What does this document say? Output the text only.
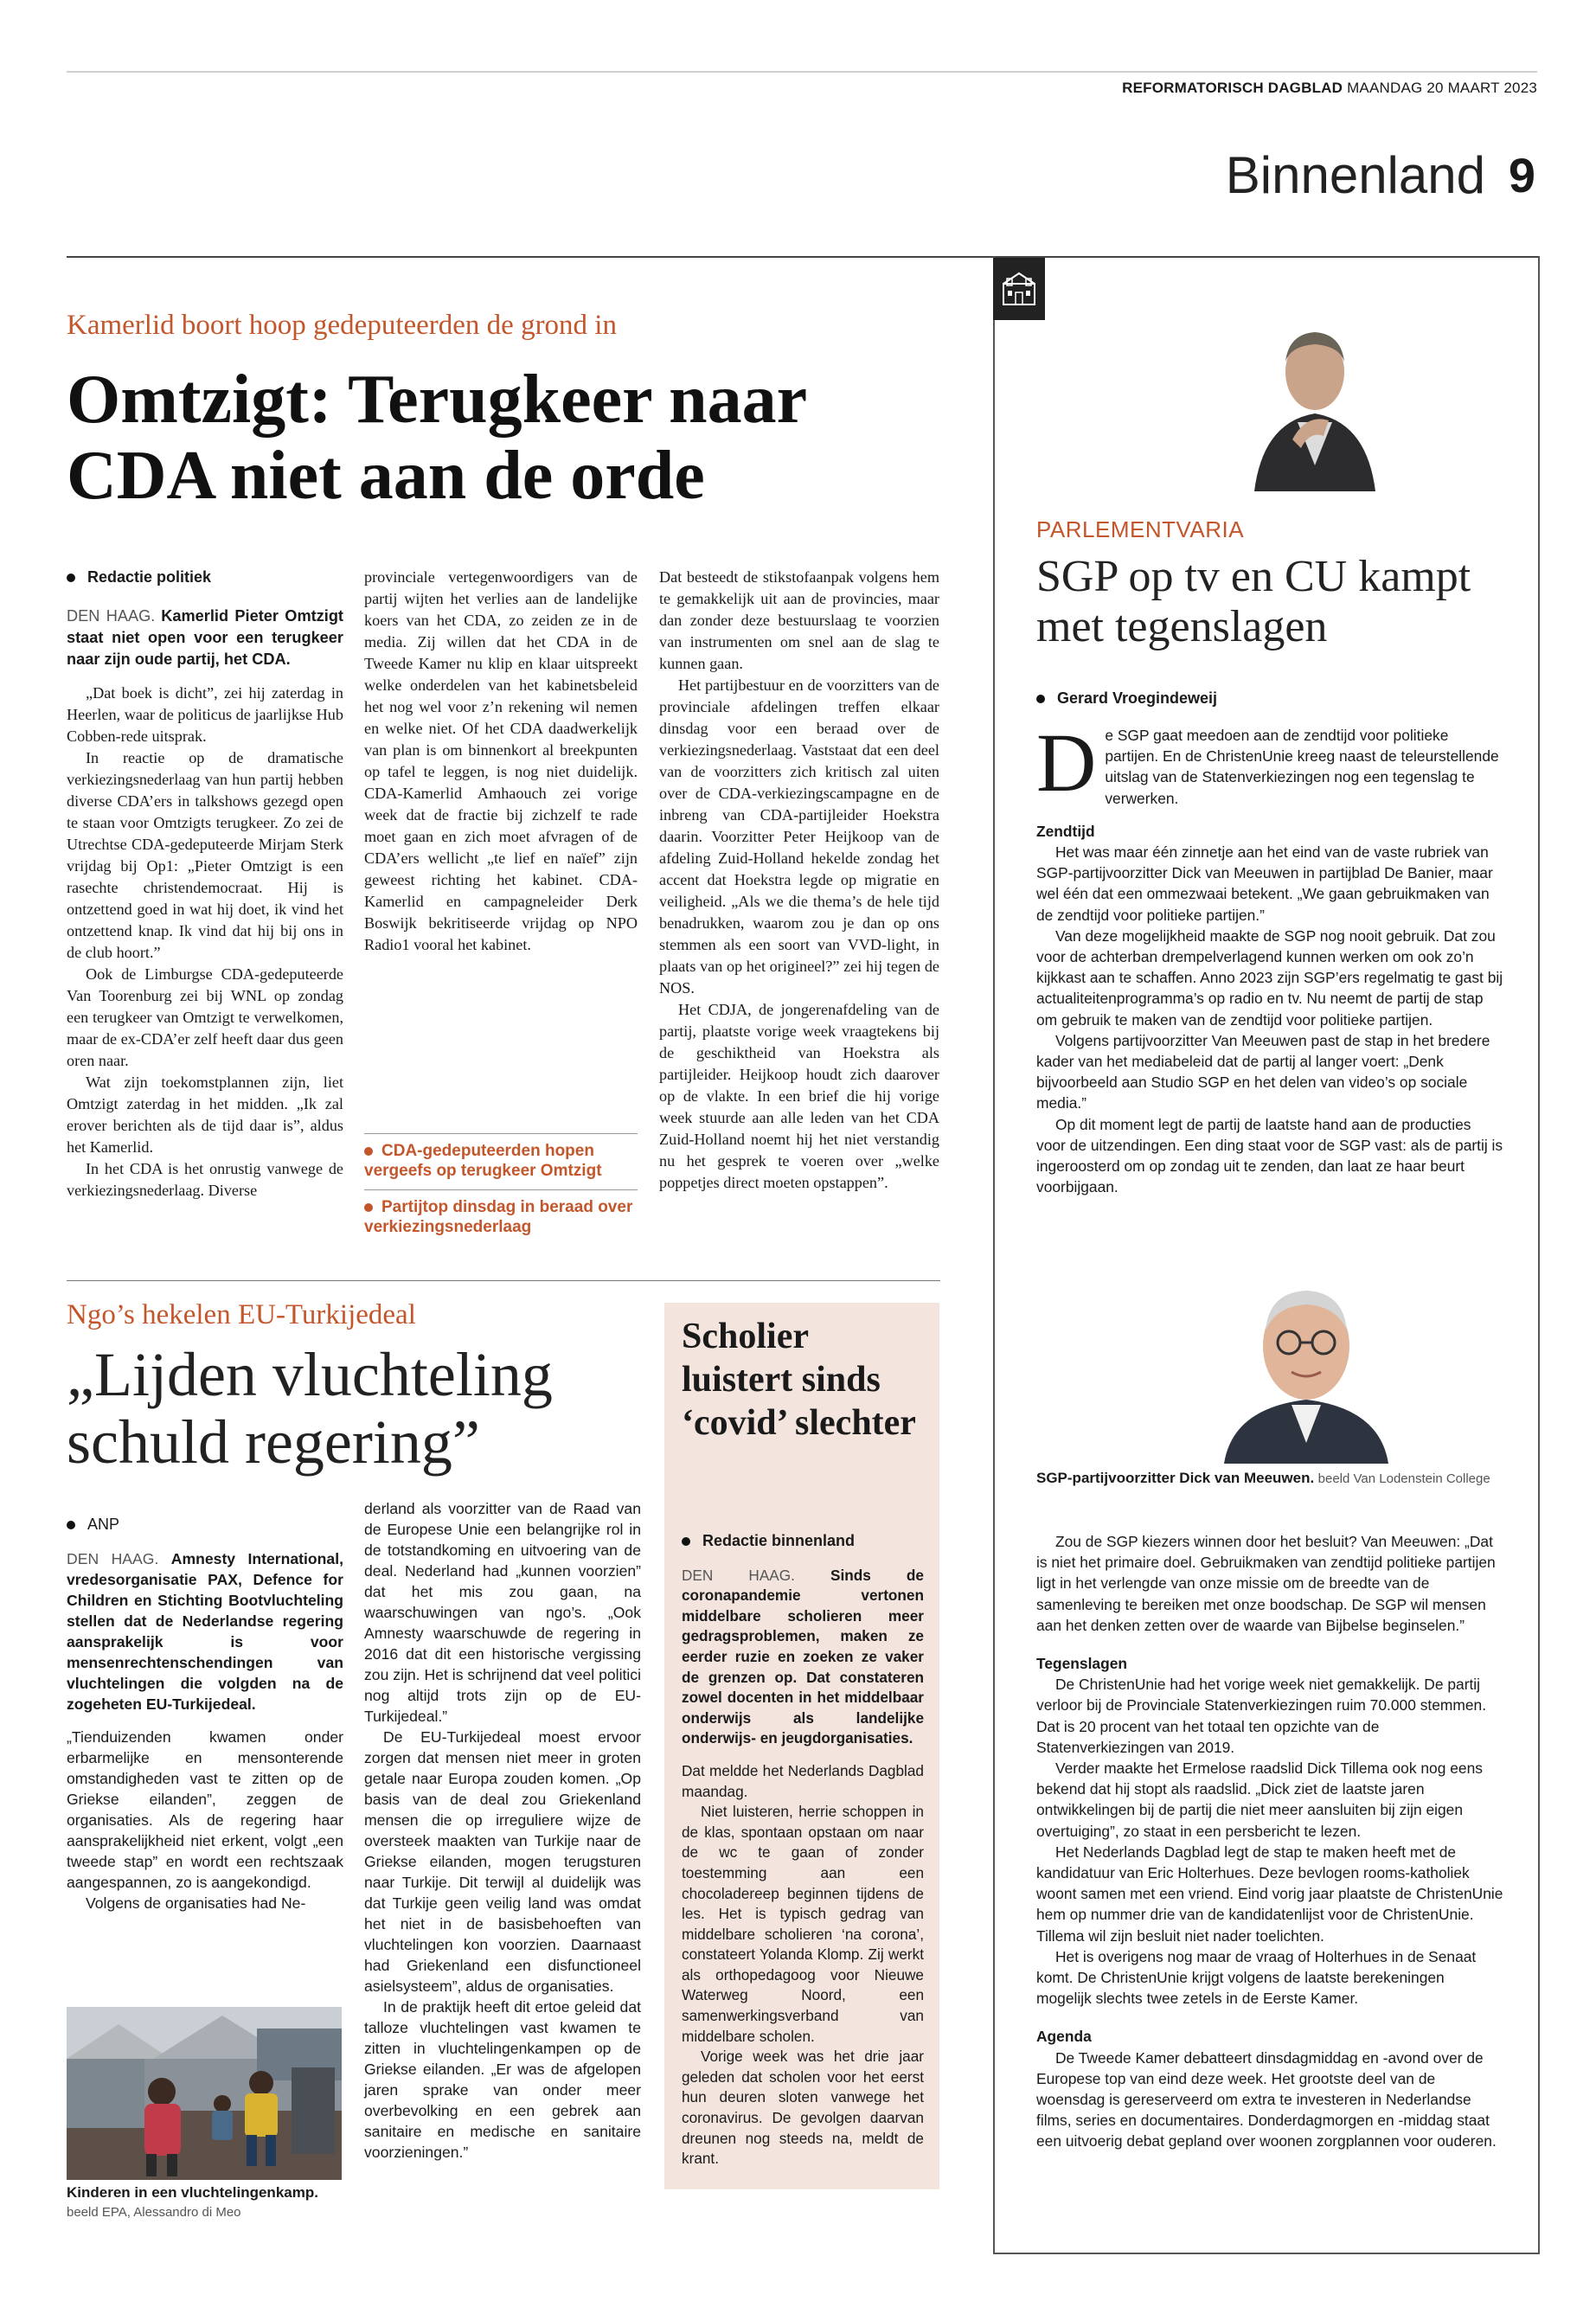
REFORMATORISCH DAGBLAD MAANDAG 20 MAART 2023
Binnenland 9
Kamerlid boort hoop gedeputeerden de grond in
Omtzigt: Terugkeer naar
CDA niet aan de orde
Redactie politiek

DEN HAAG. Kamerlid Pieter Omtzigt staat niet open voor een terugkeer naar zijn oude partij, het CDA.

„Dat boek is dicht”, zei hij zaterdag in Heerlen, waar de politicus de jaarlijkse Hub Cobben-rede uitsprak.

In reactie op de dramatische verkiezingsnederlaag van hun partij hebben diverse CDA’ers in talkshows gezegd open te staan voor Omtzigts terugkeer. Zo zei de Utrechtse CDA-gedeputeerde Mirjam Sterk vrijdag bij Op1: „Pieter Omtzigt is een rasechte christendemocraat. Hij is ontzettend goed in wat hij doet, ik vind het ontzettend knap. Ik vind dat hij bij ons in de club hoort.”

Ook de Limburgse CDA-gedeputeerde Van Toorenburg zei bij WNL op zondag een terugkeer van Omtzigt te verwelkomen, maar de ex-CDA’er zelf heeft daar dus geen oren naar.

Wat zijn toekomstplannen zijn, liet Omtzigt zaterdag in het midden. „Ik zal erover berichten als de tijd daar is”, aldus het Kamerlid.

In het CDA is het onrustig vanwege de verkiezingsnederlaag. Diverse

provinciale vertegenwoordigers van de partij wijten het verlies aan de landelijke koers van het CDA, zo zeiden ze in de media. Zij willen dat het CDA in de Tweede Kamer nu klip en klaar uitspreekt welke onderdelen van het kabinetsbeleid het nog wel voor z’n rekening wil nemen en welke niet. Of het CDA daadwerkelijk van plan is om binnenkort al breekpunten op tafel te leggen, is nog niet duidelijk. CDA-Kamerlid Amhaouch zei vorige week dat de fractie bij zichzelf te rade moet gaan en zich moet afvragen of de CDA’ers wellicht „te lief en naïef” zijn geweest richting het kabinet. CDA-Kamerlid en campagneleider Derk Boswijk bekritiseerde vrijdag op NPO Radio1 vooral het kabinet.

CDA-gedeputeerden hopen vergeefs op terugkeer Omtzigt
Partijtop dinsdag in beraad over verkiezingsnederlaag

Dat besteedt de stikstofaanpak volgens hem te gemakkelijk uit aan de provincies, maar dan zonder deze bestuurslaag te voorzien van instrumenten om snel aan de slag te kunnen gaan.

Het partijbestuur en de voorzitters van de provinciale afdelingen treffen elkaar dinsdag voor een beraad over de verkiezingsnederlaag. Vaststaat dat een deel van de voorzitters zich kritisch zal uiten over de CDA-verkiezingscampagne en de inbreng van CDA-partijleider Hoekstra daarin. Voorzitter Peter Heijkoop van de afdeling Zuid-Holland hekelde zondag het accent dat Hoekstra legde op migratie en veiligheid. „Als we die thema’s de hele tijd benadrukken, waarom zou je dan op ons stemmen als een soort van VVD-light, in plaats van op het origineel?” zei hij tegen de NOS.

Het CDJA, de jongerenafdeling van de partij, plaatste vorige week vraagtekens bij de geschiktheid van Hoekstra als partijleider. Heijkoop houdt zich daarover op de vlakte. In een brief die hij vorige week stuurde aan alle leden van het CDA Zuid-Holland noemt hij het niet verstandig nu het gesprek te voeren over „welke poppetjes direct moeten opstappen”.

Ngo’s hekelen EU-Turkijedeal
„Lijden vluchteling
schuld regering”
ANP

DEN HAAG. Amnesty International, vredesorganisatie PAX, Defence for Children en Stichting Bootvluchteling stellen dat de Nederlandse regering aansprakelijk is voor mensenrechtenschendingen van vluchtelingen die volgden na de zogeheten EU-Turkijedeal.

„Tienduizenden kwamen onder erbarmelijke en mensonterende omstandigheden vast te zitten op de Griekse eilanden”, zeggen de organisaties. Als de regering haar aansprakelijkheid niet erkent, volgt „een tweede stap” en wordt een rechtszaak aangespannen, zo is aangekondigd.

Volgens de organisaties had Ne-

Kinderen in een vluchtelingenkamp. beeld EPA, Alessandro di Meo

derland als voorzitter van de Raad van de Europese Unie een belangrijke rol in de totstandkoming en uitvoering van de deal. Nederland had „kunnen voorzien” dat het mis zou gaan, na waarschuwingen van ngo’s. „Ook Amnesty waarschuwde de regering in 2016 dat dit een historische vergissing zou zijn. Het is schrijnend dat veel politici nog altijd trots zijn op de EU-Turkijedeal.”

De EU-Turkijedeal moest ervoor zorgen dat mensen niet meer in groten getale naar Europa zouden komen. „Op basis van de deal zou Griekenland mensen die op irreguliere wijze de oversteek maakten van Turkije naar de Griekse eilanden, mogen terugsturen naar Turkije. Dit terwijl al duidelijk was dat Turkije geen veilig land was omdat het niet in de basisbehoeften van vluchtelingen kon voorzien. Daarnaast had Griekenland een disfunctioneel asielsysteem”, aldus de organisaties.

In de praktijk heeft dit ertoe geleid dat talloze vluchtelingen vast kwamen te zitten in vluchtelingenkampen op de Griekse eilanden. „Er was de afgelopen jaren sprake van onder meer overbevolking en een gebrek aan sanitaire en medische en sanitaire voorzieningen.”

Scholier luistert sinds ‘covid’ slechter
Redactie binnenland

DEN HAAG. Sinds de coronapandemie vertonen middelbare scholieren meer gedragsproblemen, maken ze eerder ruzie en zoeken ze vaker de grenzen op. Dat constateren zowel docenten in het middelbaar onderwijs als landelijke onderwijs- en jeugdorganisaties.

Dat meldde het Nederlands Dagblad maandag.

Niet luisteren, herrie schoppen in de klas, spontaan opstaan om naar de wc te gaan of zonder toestemming aan een chocoladereep beginnen tijdens de les. Het is typisch gedrag van middelbare scholieren ‘na corona’, constateert Yolanda Klomp. Zij werkt als orthopedagoog voor Nieuwe Waterweg Noord, een samenwerkingsverband van middelbare scholen.

Vorige week was het drie jaar geleden dat scholen voor het eerst hun deuren sloten vanwege het coronavirus. De gevolgen daarvan dreunen nog steeds na, meldt de krant.

PARLEMENTVARIA
SGP op tv en CU kampt
met tegenslagen
Gerard Vroegindeweij

De SGP gaat meedoen aan de zendtijd voor politieke partijen. En de ChristenUnie kreeg naast de teleurstellende uitslag van de Statenverkiezingen nog een tegenslag te verwerken.

Zendtijd

Het was maar één zinnetje aan het eind van de vaste rubriek van SGP-partijvoorzitter Dick van Meeuwen in partijblad De Banier, maar wel één dat een ommezwaai betekent. „We gaan gebruikmaken van de zendtijd voor politieke partijen.”

Van deze mogelijkheid maakte de SGP nog nooit gebruik. Dat zou voor de achterban drempelverlagend kunnen werken om ook zo’n kijkkast aan te schaffen. Anno 2023 zijn SGP’ers regelmatig te gast bij actualiteitenprogramma’s op radio en tv. Nu neemt de partij de stap om gebruik te maken van de zendtijd voor politieke partijen.

Volgens partijvoorzitter Van Meeuwen past de stap in het bredere kader van het mediabeleid dat de partij al langer voert: „Denk bijvoorbeeld aan Studio SGP en het delen van video’s op sociale media.”

Op dit moment legt de partij de laatste hand aan de producties voor de uitzendingen. Een ding staat voor de SGP vast: als de partij is ingeroosterd om op zondag uit te zenden, dan laat ze haar beurt voorbijgaan.

SGP-partijvoorzitter Dick van Meeuwen. beeld Van Lodenstein College

Zou de SGP kiezers winnen door het besluit? Van Meeuwen: „Dat is niet het primaire doel. Gebruikmaken van zendtijd politieke partijen ligt in het verlengde van onze missie om de breedte van de samenleving te bereiken met onze boodschap. De SGP wil mensen aan het denken zetten over de waarde van Bijbelse beginselen.”

Tegenslagen

De ChristenUnie had het vorige week niet gemakkelijk. De partij verloor bij de Provinciale Statenverkiezingen ruim 70.000 stemmen. Dat is 20 procent van het totaal ten opzichte van de Statenverkiezingen van 2019.

Verder maakte het Ermelose raadslid Dick Tillema ook nog eens bekend dat hij stopt als raadslid. „Dick ziet de laatste jaren ontwikkelingen bij de partij die niet meer aansluiten bij zijn eigen overtuiging”, zo staat in een persbericht te lezen.

Het Nederlands Dagblad legt de stap te maken heeft met de kandidatuur van Eric Holterhues. Deze bevlogen rooms-katholiek woont samen met een vriend. Eind vorig jaar plaatste de ChristenUnie hem op nummer drie van de kandidatenlijst voor de ChristenUnie. Tillema wil zijn besluit niet nader toelichten.

Het is overigens nog maar de vraag of Holterhues in de Senaat komt. De ChristenUnie krijgt volgens de laatste berekeningen mogelijk slechts twee zetels in de Eerste Kamer.

Agenda

De Tweede Kamer debatteert dinsdagmiddag en -avond over de Europese top van eind deze week. Het grootste deel van de woensdag is gereserveerd om extra te investeren in Nederlandse films, series en documentaires. Donderdagmorgen en -middag staat een uitvoerig debat gepland over woonen zorgplannen voor ouderen.
